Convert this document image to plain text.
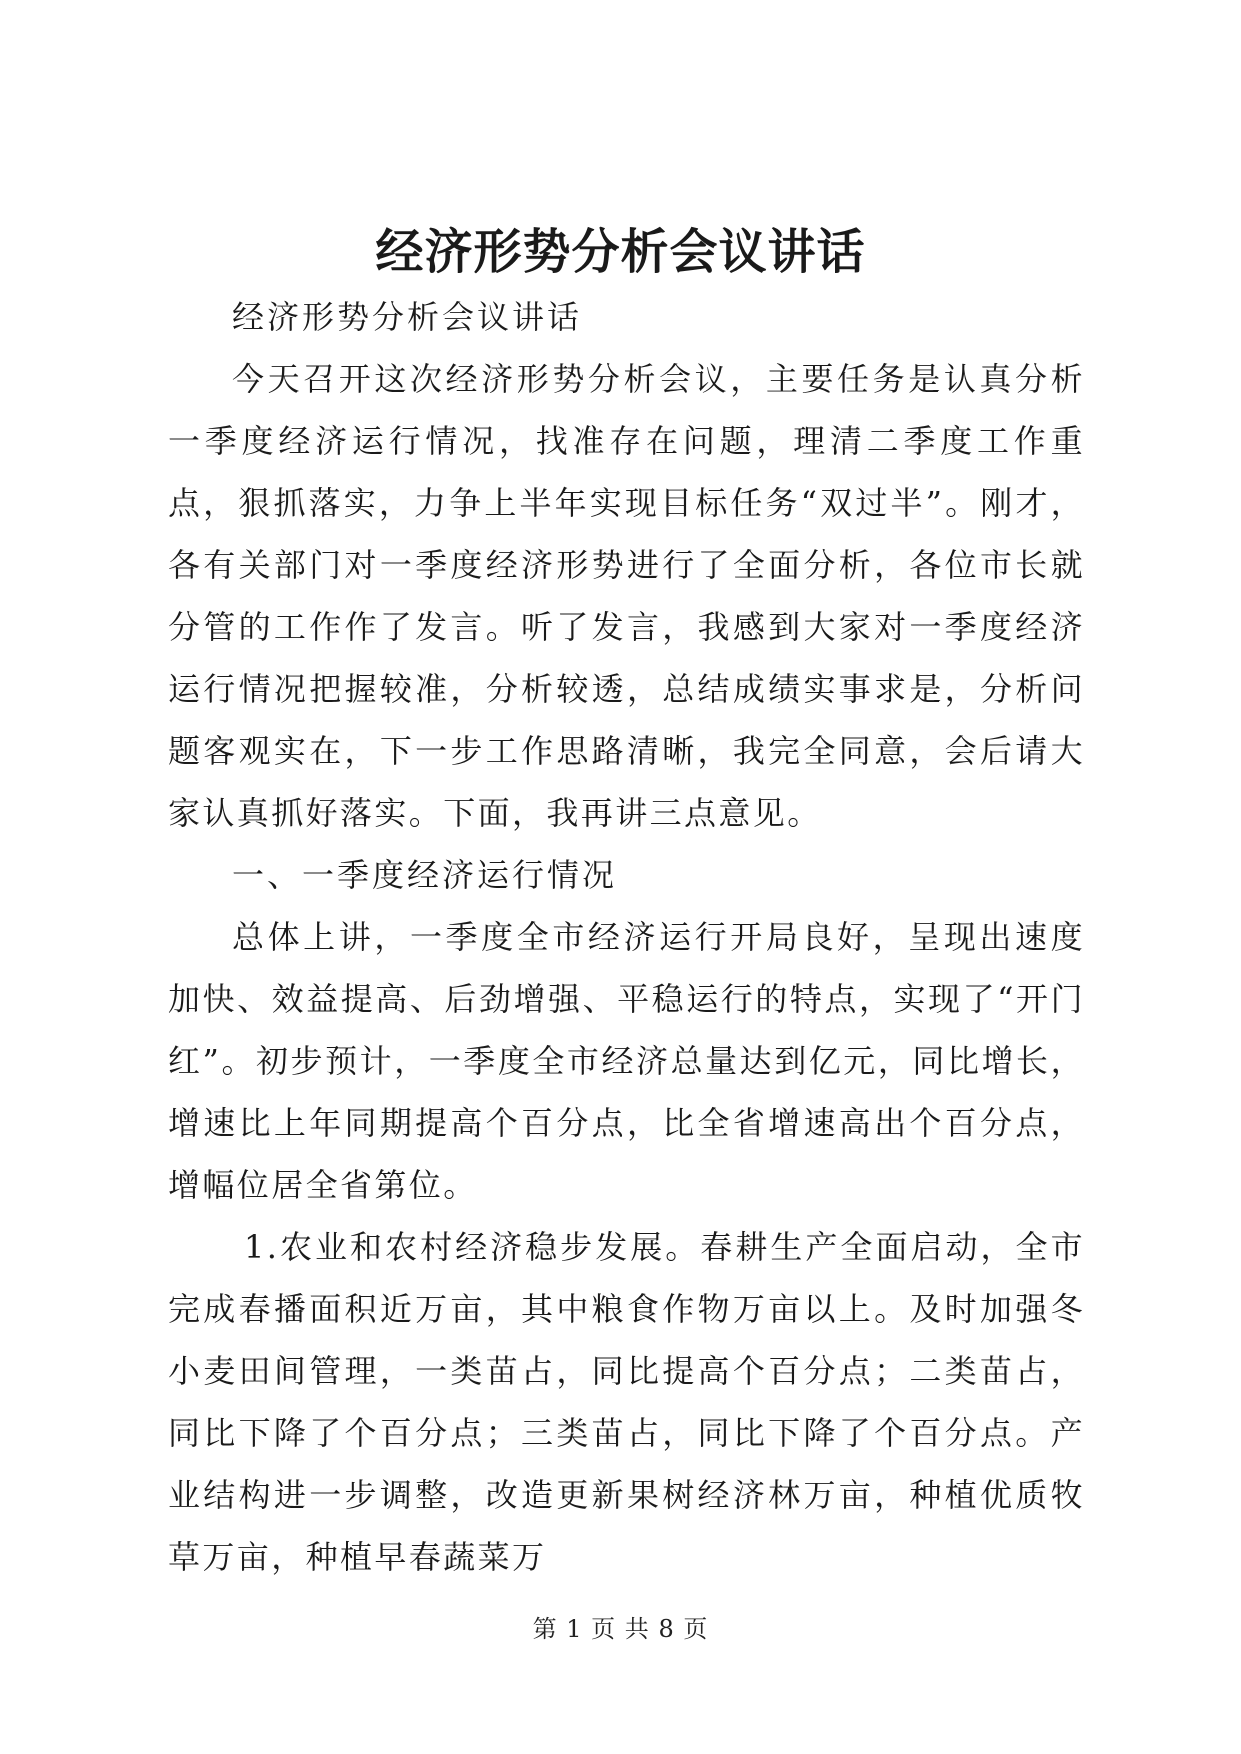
经济形势分析会议讲话

经济形势分析会议讲话

今天召开这次经济形势分析会议，主要任务是认真分析一季度经济运行情况，找准存在问题，理清二季度工作重点，狠抓落实，力争上半年实现目标任务“双过半”。刚才，各有关部门对一季度经济形势进行了全面分析，各位市长就分管的工作作了发言。听了发言，我感到大家对一季度经济运行情况把握较准，分析较透，总结成绩实事求是，分析问题客观实在，下一步工作思路清晰，我完全同意，会后请大家认真抓好落实。下面，我再讲三点意见。

一、一季度经济运行情况

总体上讲，一季度全市经济运行开局良好，呈现出速度加快、效益提高、后劲增强、平稳运行的特点，实现了“开门红”。初步预计，一季度全市经济总量达到亿元，同比增长，增速比上年同期提高个百分点，比全省增速高出个百分点，增幅位居全省第位。

1.农业和农村经济稳步发展。春耕生产全面启动，全市完成春播面积近万亩，其中粮食作物万亩以上。及时加强冬小麦田间管理，一类苗占，同比提高个百分点；二类苗占，同比下降了个百分点；三类苗占，同比下降了个百分点。产业结构进一步调整，改造更新果树经济林万亩，种植优质牧草万亩，种植早春蔬菜万

第 1 页 共 8 页
